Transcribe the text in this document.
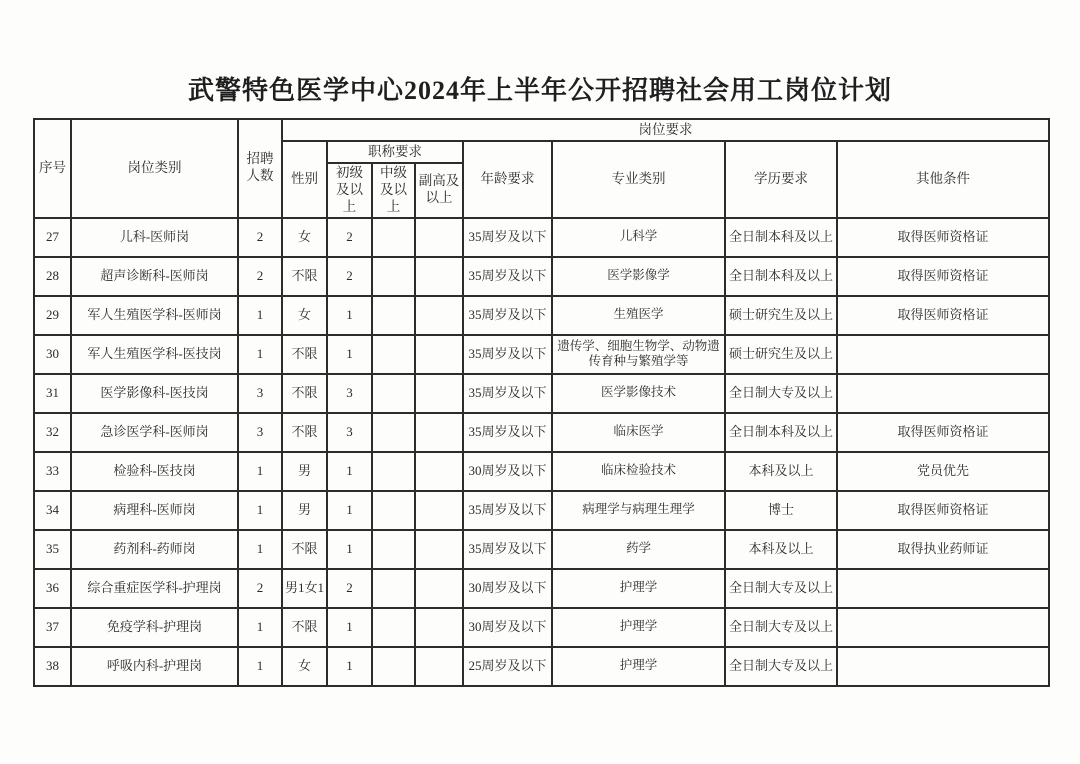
武警特色医学中心2024年上半年公开招聘社会用工岗位计划
序号	岗位类别	招聘人数	岗位要求							
			性别	职称要求			年龄要求	专业类别	学历要求	其他条件
				初级及以上	中级及以上	副高及以上				
27	儿科-医师岗	2	女	2			35周岁及以下	儿科学	全日制本科及以上	取得医师资格证
28	超声诊断科-医师岗	2	不限	2			35周岁及以下	医学影像学	全日制本科及以上	取得医师资格证
29	军人生殖医学科-医师岗	1	女	1			35周岁及以下	生殖医学	硕士研究生及以上	取得医师资格证
30	军人生殖医学科-医技岗	1	不限	1			35周岁及以下	遗传学、细胞生物学、动物遗传育种与繁殖学等	硕士研究生及以上	
31	医学影像科-医技岗	3	不限	3			35周岁及以下	医学影像技术	全日制大专及以上	
32	急诊医学科-医师岗	3	不限	3			35周岁及以下	临床医学	全日制本科及以上	取得医师资格证
33	检验科-医技岗	1	男	1			30周岁及以下	临床检验技术	本科及以上	党员优先
34	病理科-医师岗	1	男	1			35周岁及以下	病理学与病理生理学	博士	取得医师资格证
35	药剂科-药师岗	1	不限	1			35周岁及以下	药学	本科及以上	取得执业药师证
36	综合重症医学科-护理岗	2	男1女1	2			30周岁及以下	护理学	全日制大专及以上	
37	免疫学科-护理岗	1	不限	1			30周岁及以下	护理学	全日制大专及以上	
38	呼吸内科-护理岗	1	女	1			25周岁及以下	护理学	全日制大专及以上	
